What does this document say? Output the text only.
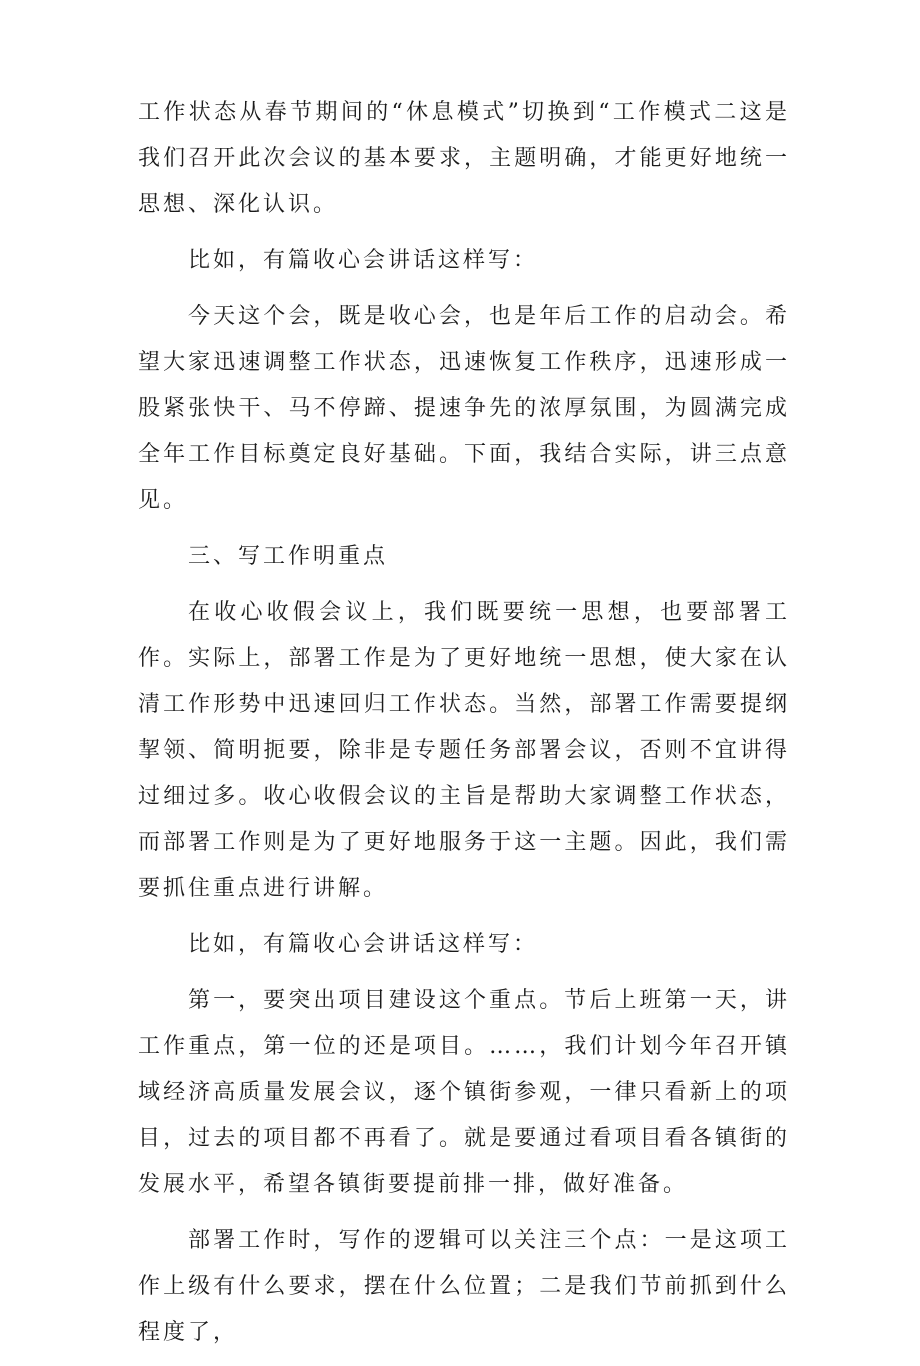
工作状态从春节期间的“休息模式”切换到“工作模式二这是我们召开此次会议的基本要求，主题明确，才能更好地统一思想、深化认识。

比如，有篇收心会讲话这样写：

今天这个会，既是收心会，也是年后工作的启动会。希望大家迅速调整工作状态，迅速恢复工作秩序，迅速形成一股紧张快干、马不停蹄、提速争先的浓厚氛围，为圆满完成全年工作目标奠定良好基础。下面，我结合实际，讲三点意见。

三、写工作明重点

在收心收假会议上，我们既要统一思想，也要部署工作。实际上，部署工作是为了更好地统一思想，使大家在认清工作形势中迅速回归工作状态。当然，部署工作需要提纲挈领、简明扼要，除非是专题任务部署会议，否则不宜讲得过细过多。收心收假会议的主旨是帮助大家调整工作状态，而部署工作则是为了更好地服务于这一主题。因此，我们需要抓住重点进行讲解。

比如，有篇收心会讲话这样写：

第一，要突出项目建设这个重点。节后上班第一天，讲工作重点，第一位的还是项目。……，我们计划今年召开镇域经济高质量发展会议，逐个镇街参观，一律只看新上的项目，过去的项目都不再看了。就是要通过看项目看各镇街的发展水平，希望各镇街要提前排一排，做好准备。

部署工作时，写作的逻辑可以关注三个点：一是这项工作上级有什么要求，摆在什么位置；二是我们节前抓到什么程度了，
